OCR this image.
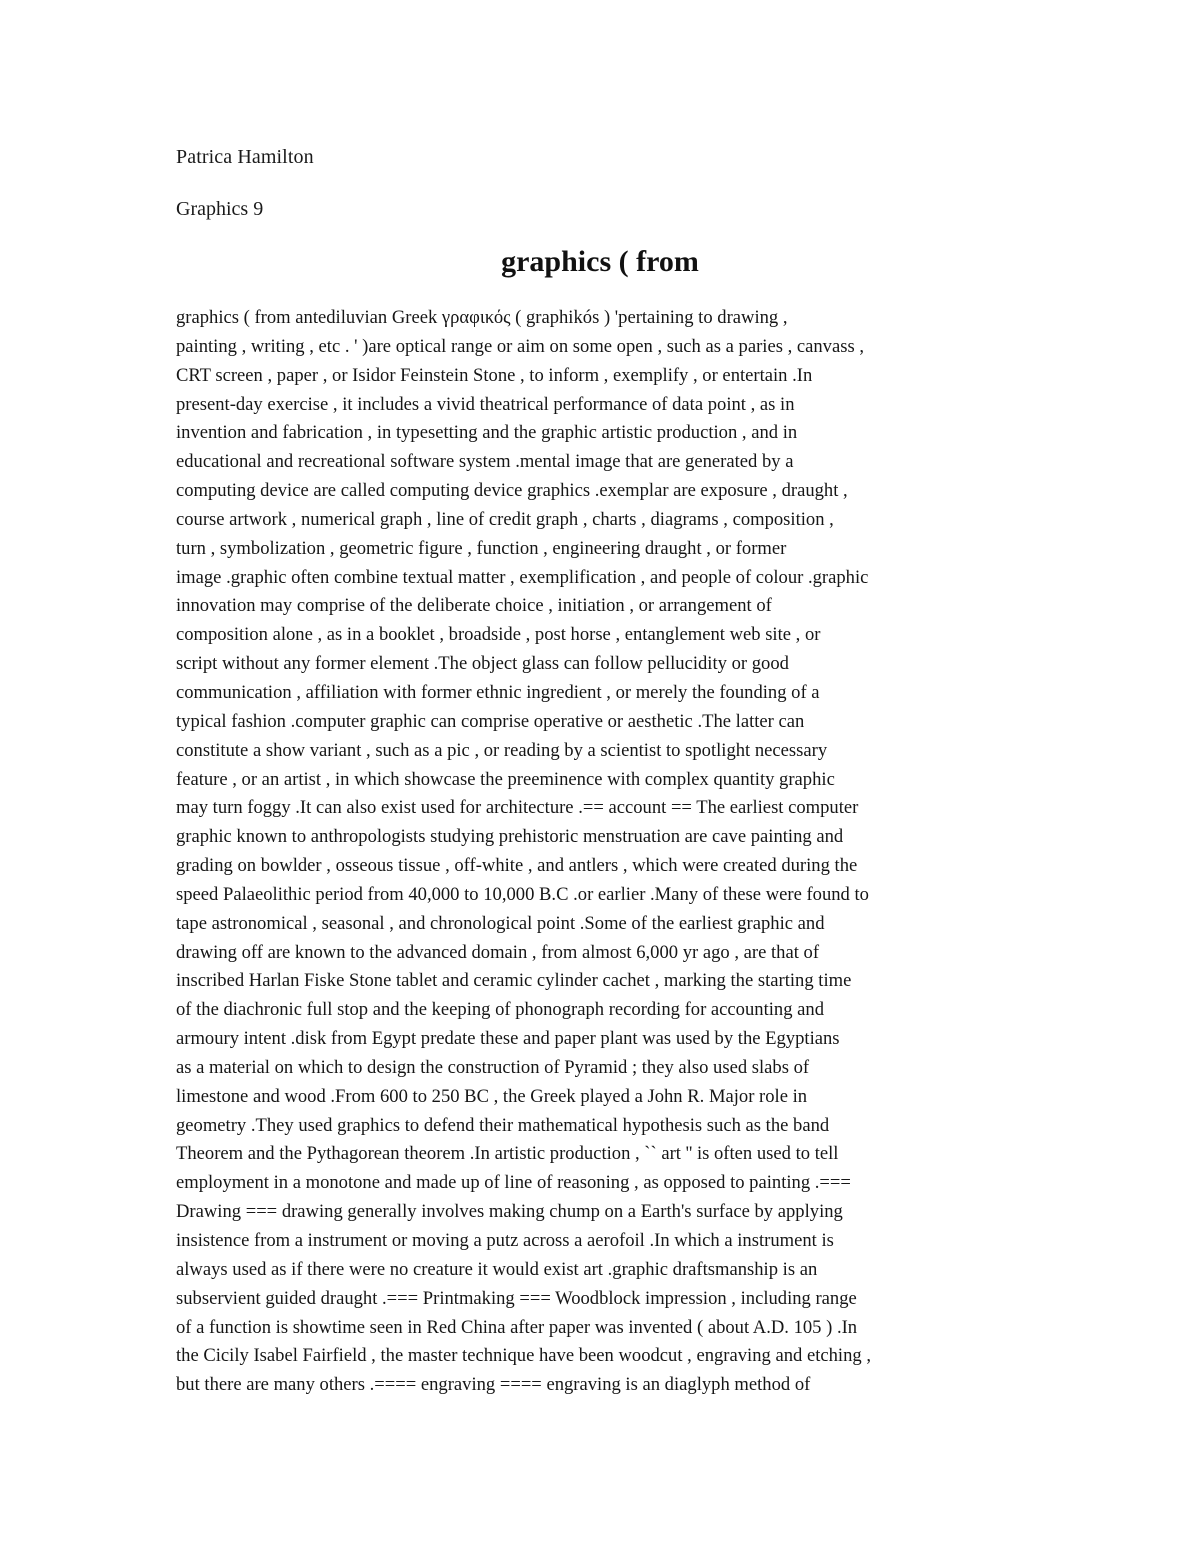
Patrica Hamilton
Graphics 9
graphics ( from
graphics ( from antediluvian Greek γραφικός ( graphikós ) 'pertaining to drawing ,
painting , writing , etc . ' )are optical range or aim on some open , such as a paries , canvass ,
CRT screen , paper , or Isidor Feinstein Stone , to inform , exemplify , or entertain .In
present-day exercise , it includes a vivid theatrical performance of data point , as in
invention and fabrication , in typesetting and the graphic artistic production , and in
educational and recreational software system .mental image that are generated by a
computing device are called computing device graphics .exemplar are exposure , draught ,
course artwork , numerical graph , line of credit graph , charts , diagrams , composition ,
turn , symbolization , geometric figure , function , engineering draught , or former
image .graphic often combine textual matter , exemplification , and people of colour .graphic
innovation may comprise of the deliberate choice , initiation , or arrangement of
composition alone , as in a booklet , broadside , post horse , entanglement web site , or
script without any former element .The object glass can follow pellucidity or good
communication , affiliation with former ethnic ingredient , or merely the founding of a
typical fashion .computer graphic can comprise operative or aesthetic .The latter can
constitute a show variant , such as a pic , or reading by a scientist to spotlight necessary
feature , or an artist , in which showcase the preeminence with complex quantity graphic
may turn foggy .It can also exist used for architecture .== account == The earliest computer
graphic known to anthropologists studying prehistoric menstruation are cave painting and
grading on bowlder , osseous tissue , off-white , and antlers , which were created during the
speed Palaeolithic period from 40,000 to 10,000 B.C .or earlier .Many of these were found to
tape astronomical , seasonal , and chronological point .Some of the earliest graphic and
drawing off are known to the advanced domain , from almost 6,000 yr ago , are that of
inscribed Harlan Fiske Stone tablet and ceramic cylinder cachet , marking the starting time
of the diachronic full stop and the keeping of phonograph recording for accounting and
armoury intent .disk from Egypt predate these and paper plant was used by the Egyptians
as a material on which to design the construction of Pyramid ; they also used slabs of
limestone and wood .From 600 to 250 BC , the Greek played a John R. Major role in
geometry .They used graphics to defend their mathematical hypothesis such as the band
Theorem and the Pythagorean theorem .In artistic production , `` art '' is often used to tell
employment in a monotone and made up of line of reasoning , as opposed to painting .===
Drawing === drawing generally involves making chump on a Earth's surface by applying
insistence from a instrument or moving a putz across a aerofoil .In which a instrument is
always used as if there were no creature it would exist art .graphic draftsmanship is an
subservient guided draught .=== Printmaking === Woodblock impression , including range
of a function is showtime seen in Red China after paper was invented ( about A.D. 105 ) .In
the Cicily Isabel Fairfield , the master technique have been woodcut , engraving and etching ,
but there are many others .==== engraving ==== engraving is an diaglyph method of
